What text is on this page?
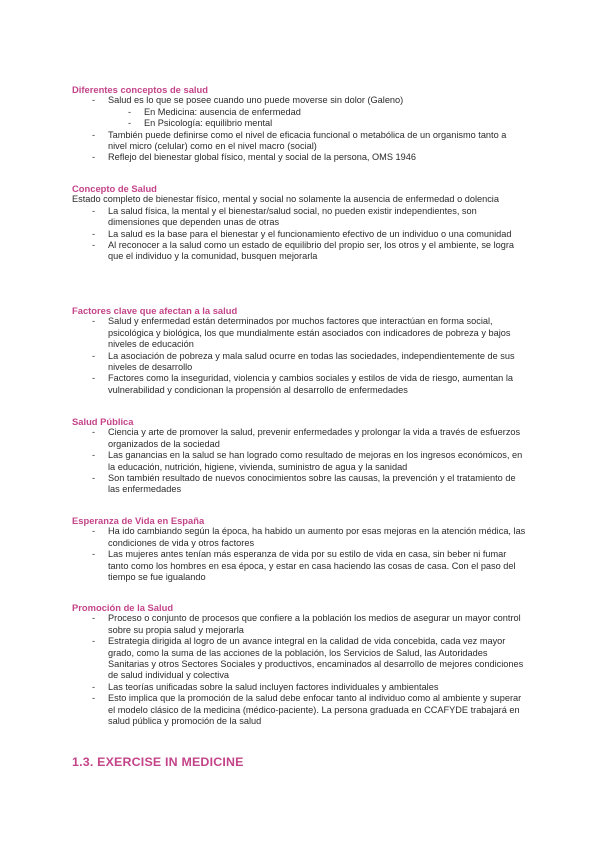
Diferentes conceptos de salud
- Salud es lo que se posee cuando uno puede moverse sin dolor (Galeno)
- En Medicina: ausencia de enfermedad
- En Psicología: equilibrio mental
- También puede definirse como el nivel de eficacia funcional o metabólica de un organismo tanto a nivel micro (celular) como en el nivel macro (social)
- Reflejo del bienestar global físico, mental y social de la persona, OMS 1946
Concepto de Salud
Estado completo de bienestar físico, mental y social no solamente la ausencia de enfermedad o dolencia
- La salud física, la mental y el bienestar/salud social, no pueden existir independientes, son dimensiones que dependen unas de otras
- La salud es la base para el bienestar y el funcionamiento efectivo de un individuo o una comunidad
- Al reconocer a la salud como un estado de equilibrio del propio ser, los otros y el ambiente, se logra que el individuo y la comunidad, busquen mejorarla
Factores clave que afectan a la salud
- Salud y enfermedad están determinados por muchos factores que interactúan en forma social, psicológica y biológica, los que mundialmente están asociados con indicadores de pobreza y bajos niveles de educación
- La asociación de pobreza y mala salud ocurre en todas las sociedades, independientemente de sus niveles de desarrollo
- Factores como la inseguridad, violencia y cambios sociales y estilos de vida de riesgo, aumentan la vulnerabilidad y condicionan la propensión al desarrollo de enfermedades
Salud Pública
- Ciencia y arte de promover la salud, prevenir enfermedades y prolongar la vida a través de esfuerzos organizados de la sociedad
- Las ganancias en la salud se han logrado como resultado de mejoras en los ingresos económicos, en la educación, nutrición, higiene, vivienda, suministro de agua y la sanidad
- Son también resultado de nuevos conocimientos sobre las causas, la prevención y el tratamiento de las enfermedades
Esperanza de Vida en España
- Ha ido cambiando según la época, ha habido un aumento por esas mejoras en la atención médica, las condiciones de vida y otros factores
- Las mujeres antes tenían más esperanza de vida por su estilo de vida en casa, sin beber ni fumar tanto como los hombres en esa época, y estar en casa haciendo las cosas de casa. Con el paso del tiempo se fue igualando
Promoción de la Salud
- Proceso o conjunto de procesos que confiere a la población los medios de asegurar un mayor control sobre su propia salud y mejorarla
- Estrategia dirigida al logro de un avance integral en la calidad de vida concebida, cada vez mayor grado, como la suma de las acciones de la población, los Servicios de Salud, las Autoridades Sanitarias y otros Sectores Sociales y productivos, encaminados al desarrollo de mejores condiciones de salud individual y colectiva
- Las teorías unificadas sobre la salud incluyen factores individuales y ambientales
- Esto implica que la promoción de la salud debe enfocar tanto al individuo como al ambiente y superar el modelo clásico de la medicina (médico-paciente). La persona graduada en CCAFYDE trabajará en salud pública y promoción de la salud
1.3. EXERCISE IN MEDICINE
